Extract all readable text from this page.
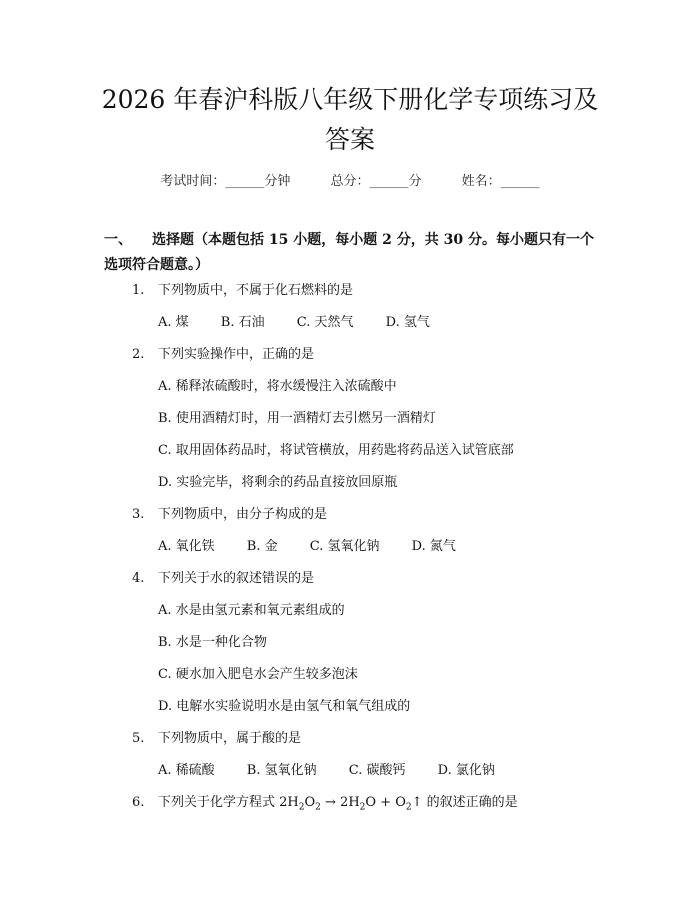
2026 年春沪科版八年级下册化学专项练习及
答案
考试时间：______分钟	总分：______分	姓名：______
一、 选择题（本题包括 15 小题，每小题 2 分，共 30 分。每小题只有一个选项符合题意。）
1. 下列物质中，不属于化石燃料的是
A. 煤 B. 石油 C. 天然气 D. 氢气
2. 下列实验操作中，正确的是
A. 稀释浓硫酸时，将水缓慢注入浓硫酸中
B. 使用酒精灯时，用一酒精灯去引燃另一酒精灯
C. 取用固体药品时，将试管横放，用药匙将药品送入试管底部
D. 实验完毕，将剩余的药品直接放回原瓶
3. 下列物质中，由分子构成的是
A. 氧化铁 B. 金 C. 氢氧化钠 D. 氮气
4. 下列关于水的叙述错误的是
A. 水是由氢元素和氧元素组成的
B. 水是一种化合物
C. 硬水加入肥皂水会产生较多泡沫
D. 电解水实验说明水是由氢气和氧气组成的
5. 下列物质中，属于酸的是
A. 稀硫酸 B. 氢氧化钠 C. 碳酸钙 D. 氯化钠
6. 下列关于化学方程式 $2H_2O_2 \to 2H_2O$ + $O_2↑$ 的叙述正确的是
